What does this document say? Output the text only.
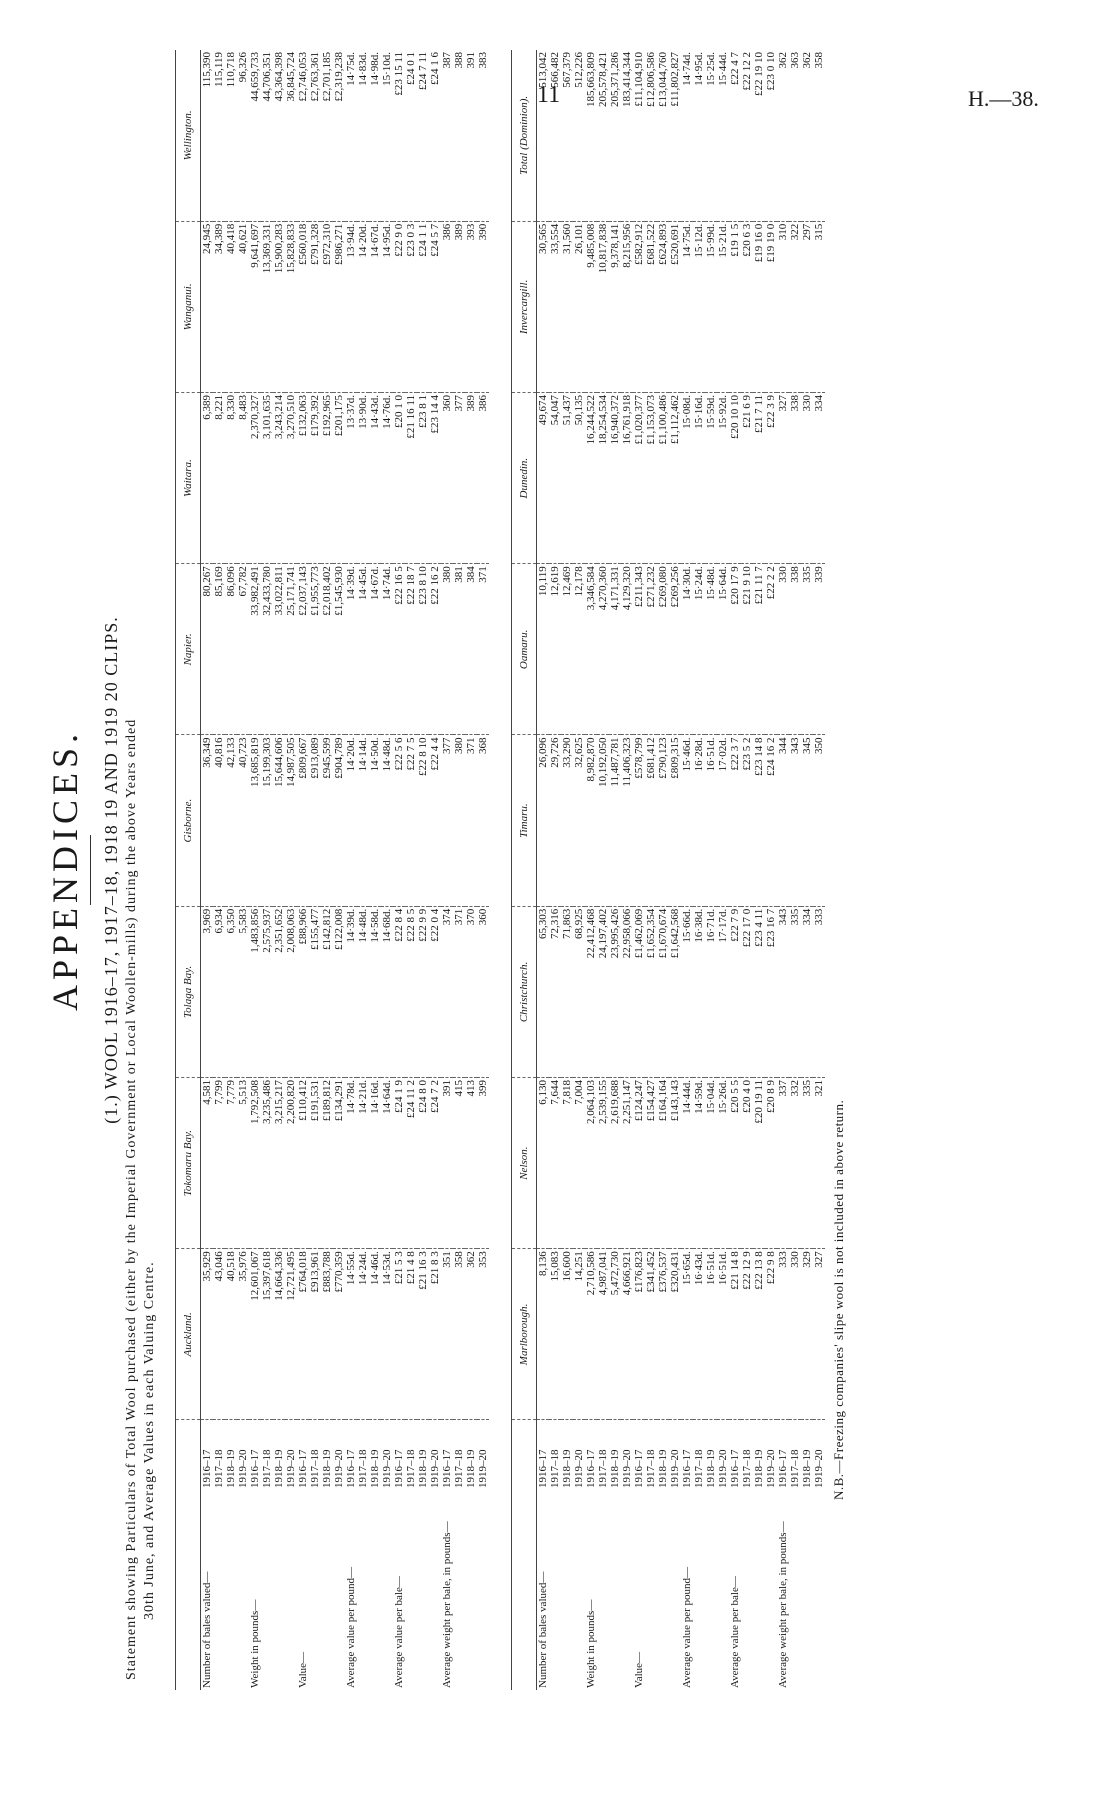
11	H.—38.
APPENDICES. (1.) WOOL 1916–17, 1917–18, 1918 19 AND 1919 20 CLIPS. Statement showing Particulars of Total Wool purchased (either by the Imperial Government or Local Woollen-mills) during the above Years ended 30th June, and Average Values in each Valuing Centre.
		Auckland.	Tokomaru Bay.	Tolaga Bay.	Gisborne.	Napier.	Waitara.	Wanganui.	Wellington.
Number of bales valued—	1916–17	35,929	4,581	3,969	36,349	80,267	6,389	24,945	115,390
	1917–18	43,046	7,799	6,934	40,816	85,169	8,221	34,389	115,119
	1918–19	40,518	7,779	6,350	42,133	86,096	8,330	40,418	110,718
	1919–20	35,976	5,513	5,583	40,723	67,782	8,483	40,621	96,326
Weight in pounds—	1916–17	12,601,067	1,792,508	1,483,856	13,685,819	33,982,491	2,370,327	9,641,697	44,659,733
	1917–18	15,397,618	3,235,486	2,575,937	15,199,303	32,433,780	3,101,635	13,369,331	44,706,351
	1918–19	14,664,336	3,215,217	2,351,652	15,644,606	33,022,811	3,243,214	15,900,283	43,364,398
	1919–20	12,721,495	2,200,820	2,008,063	14,987,505	25,171,741	3,270,510	15,828,833	36,845,724
Value—	1916–17	£764,018	£110,412	£88,966	£809,667	£2,037,143	£132,063	£560,018	£2,746,053
	1917–18	£913,961	£191,531	£155,477	£913,089	£1,955,773	£179,392	£791,328	£2,763,361
	1918–19	£883,788	£189,812	£142,812	£945,599	£2,018,402	£192,965	£972,310	£2,701,185
	1919–20	£770,359	£134,291	£122,008	£904,789	£1,545,930	£201,175	£986,271	£2,319,238
Average value per pound—	1916–17	14·55d.	14·78d.	14·39d.	14·20d.	14·39d.	13·37d.	13·94d.	14·75d.
	1917–18	14·24d.	14·21d.	14·48d.	14·14d.	14·45d.	13·90d.	14·20d.	14·83d.
	1918–19	14·46d.	14·16d.	14·58d.	14·50d.	14·67d.	14·43d.	14·67d.	14·98d.
	1919–20	14·53d.	14·64d.	14·68d.	14·48d.	14·74d.	14·76d.	14·95d.	15·10d.
Average value per bale—	1916–17	£21 5 3	£24 1 9	£22 8 4	£22 5 6	£22 16 5	£20 1 0	£22 9 0	£23 15 11
	1917–18	£21 4 8	£24 11 2	£22 8 5	£22 7 5	£22 18 7	£21 16 11	£23 0 3	£24 0 1
	1918–19	£21 16 3	£24 8 0	£22 9 9	£22 8 10	£23 8 10	£23 8 1	£24 1 1	£24 7 11
	1919–20	£21 8 3	£24 7 2	£22 0 4	£22 4 4	£22 16 2	£23 14 4	£24 5 7	£24 1 6
Average weight per bale, in pounds—	1916–17	351	391	374	377	380	360	386	387
	1917–18	358	415	371	380	381	377	389	388
	1918–19	362	413	370	371	384	389	393	391
	1919–20	353	399	360	368	371	386	390	383
		Marlborough.	Nelson.	Christchurch.	Timaru.	Oamaru.	Dunedin.	Invercargill.	Total (Dominion).
Number of bales valued—	1916–17	8,136	6,130	65,303	26,096	10,119	49,674	30,565	513,042
	1917–18	15,083	7,644	72,316	29,726	12,619	54,047	33,554	566,482
	1918–19	16,600	7,818	71,863	33,290	12,469	51,437	31,560	567,379
	1919–20	14,251	7,004	68,925	32,625	12,178	50,135	26,101	512,226
Weight in pounds—	1916–17	2,710,586	2,064,103	22,412,468	8,982,870	3,346,584	16,244,522	9,485,008	185,663,809
	1917–18	4,987,041	2,539,155	24,197,402	10,192,050	4,270,360	18,254,534	10,817,838	205,578,421
	1918–19	5,472,730	2,619,688	23,995,426	11,487,781	4,171,331	16,940,372	9,378,141	205,371,286
	1919–20	4,666,921	2,251,147	22,958,066	11,406,323	4,129,320	16,761,918	8,215,956	183,414,344
Value—	1916–17	£176,823	£124,247	£1,462,069	£578,799	£211,343	£1,020,377	£582,912	£11,104,910
	1917–18	£341,452	£154,427	£1,652,354	£681,412	£271,232	£1,153,073	£681,522	£12,806,586
	1918–19	£376,537	£164,164	£1,670,674	£790,123	£269,080	£1,100,486	£624,893	£13,044,760
	1919–20	£320,431	£143,143	£1,642,568	£809,315	£269,256	£1,112,462	£520,691	£11,802,827
Average value per pound—	1916–17	15·65d.	14·44d.	15·66d.	15·46d.	14·30d.	15·08d.	14·75d.	14·74d.
	1917–18	16·43d.	14·59d.	16·38d.	16·28d.	15·24d.	15·16d.	15·12d.	14·95d.
	1918–19	16·51d.	15·04d.	16·71d.	16·51d.	15·48d.	15·59d.	15·99d.	15·25d.
	1919–20	16·51d.	15·26d.	17·17d.	17·02d.	15·64d.	15·92d.	15·21d.	15·44d.
Average value per bale—	1916–17	£21 14 8	£20 5 5	£22 7 9	£22 3 7	£20 17 9	£20 10 10	£19 1 5	£22 4 7
	1917–18	£22 12 9	£20 4 0	£22 17 0	£23 5 2	£21 9 10	£21 6 9	£20 6 3	£22 12 2
	1918–19	£22 13 8	£20 19 11	£23 4 11	£23 14 8	£21 11 7	£21 7 11	£19 16 0	£22 19 10
	1919–20	£22 9 8	£20 8 9	£23 16 7	£24 16 2	£22 2 2	£22 3 9	£19 19 0	£23 0 10
Average weight per bale, in pounds—	1916–17	333	337	343	344	330	327	310	362
	1917–18	330	332	335	343	338	338	322	363
	1918–19	329	335	334	345	335	330	297	362
	1919–20	327	321	333	350	339	334	315	358
N.B.—Freezing companies' slipe wool is not included in above return.
